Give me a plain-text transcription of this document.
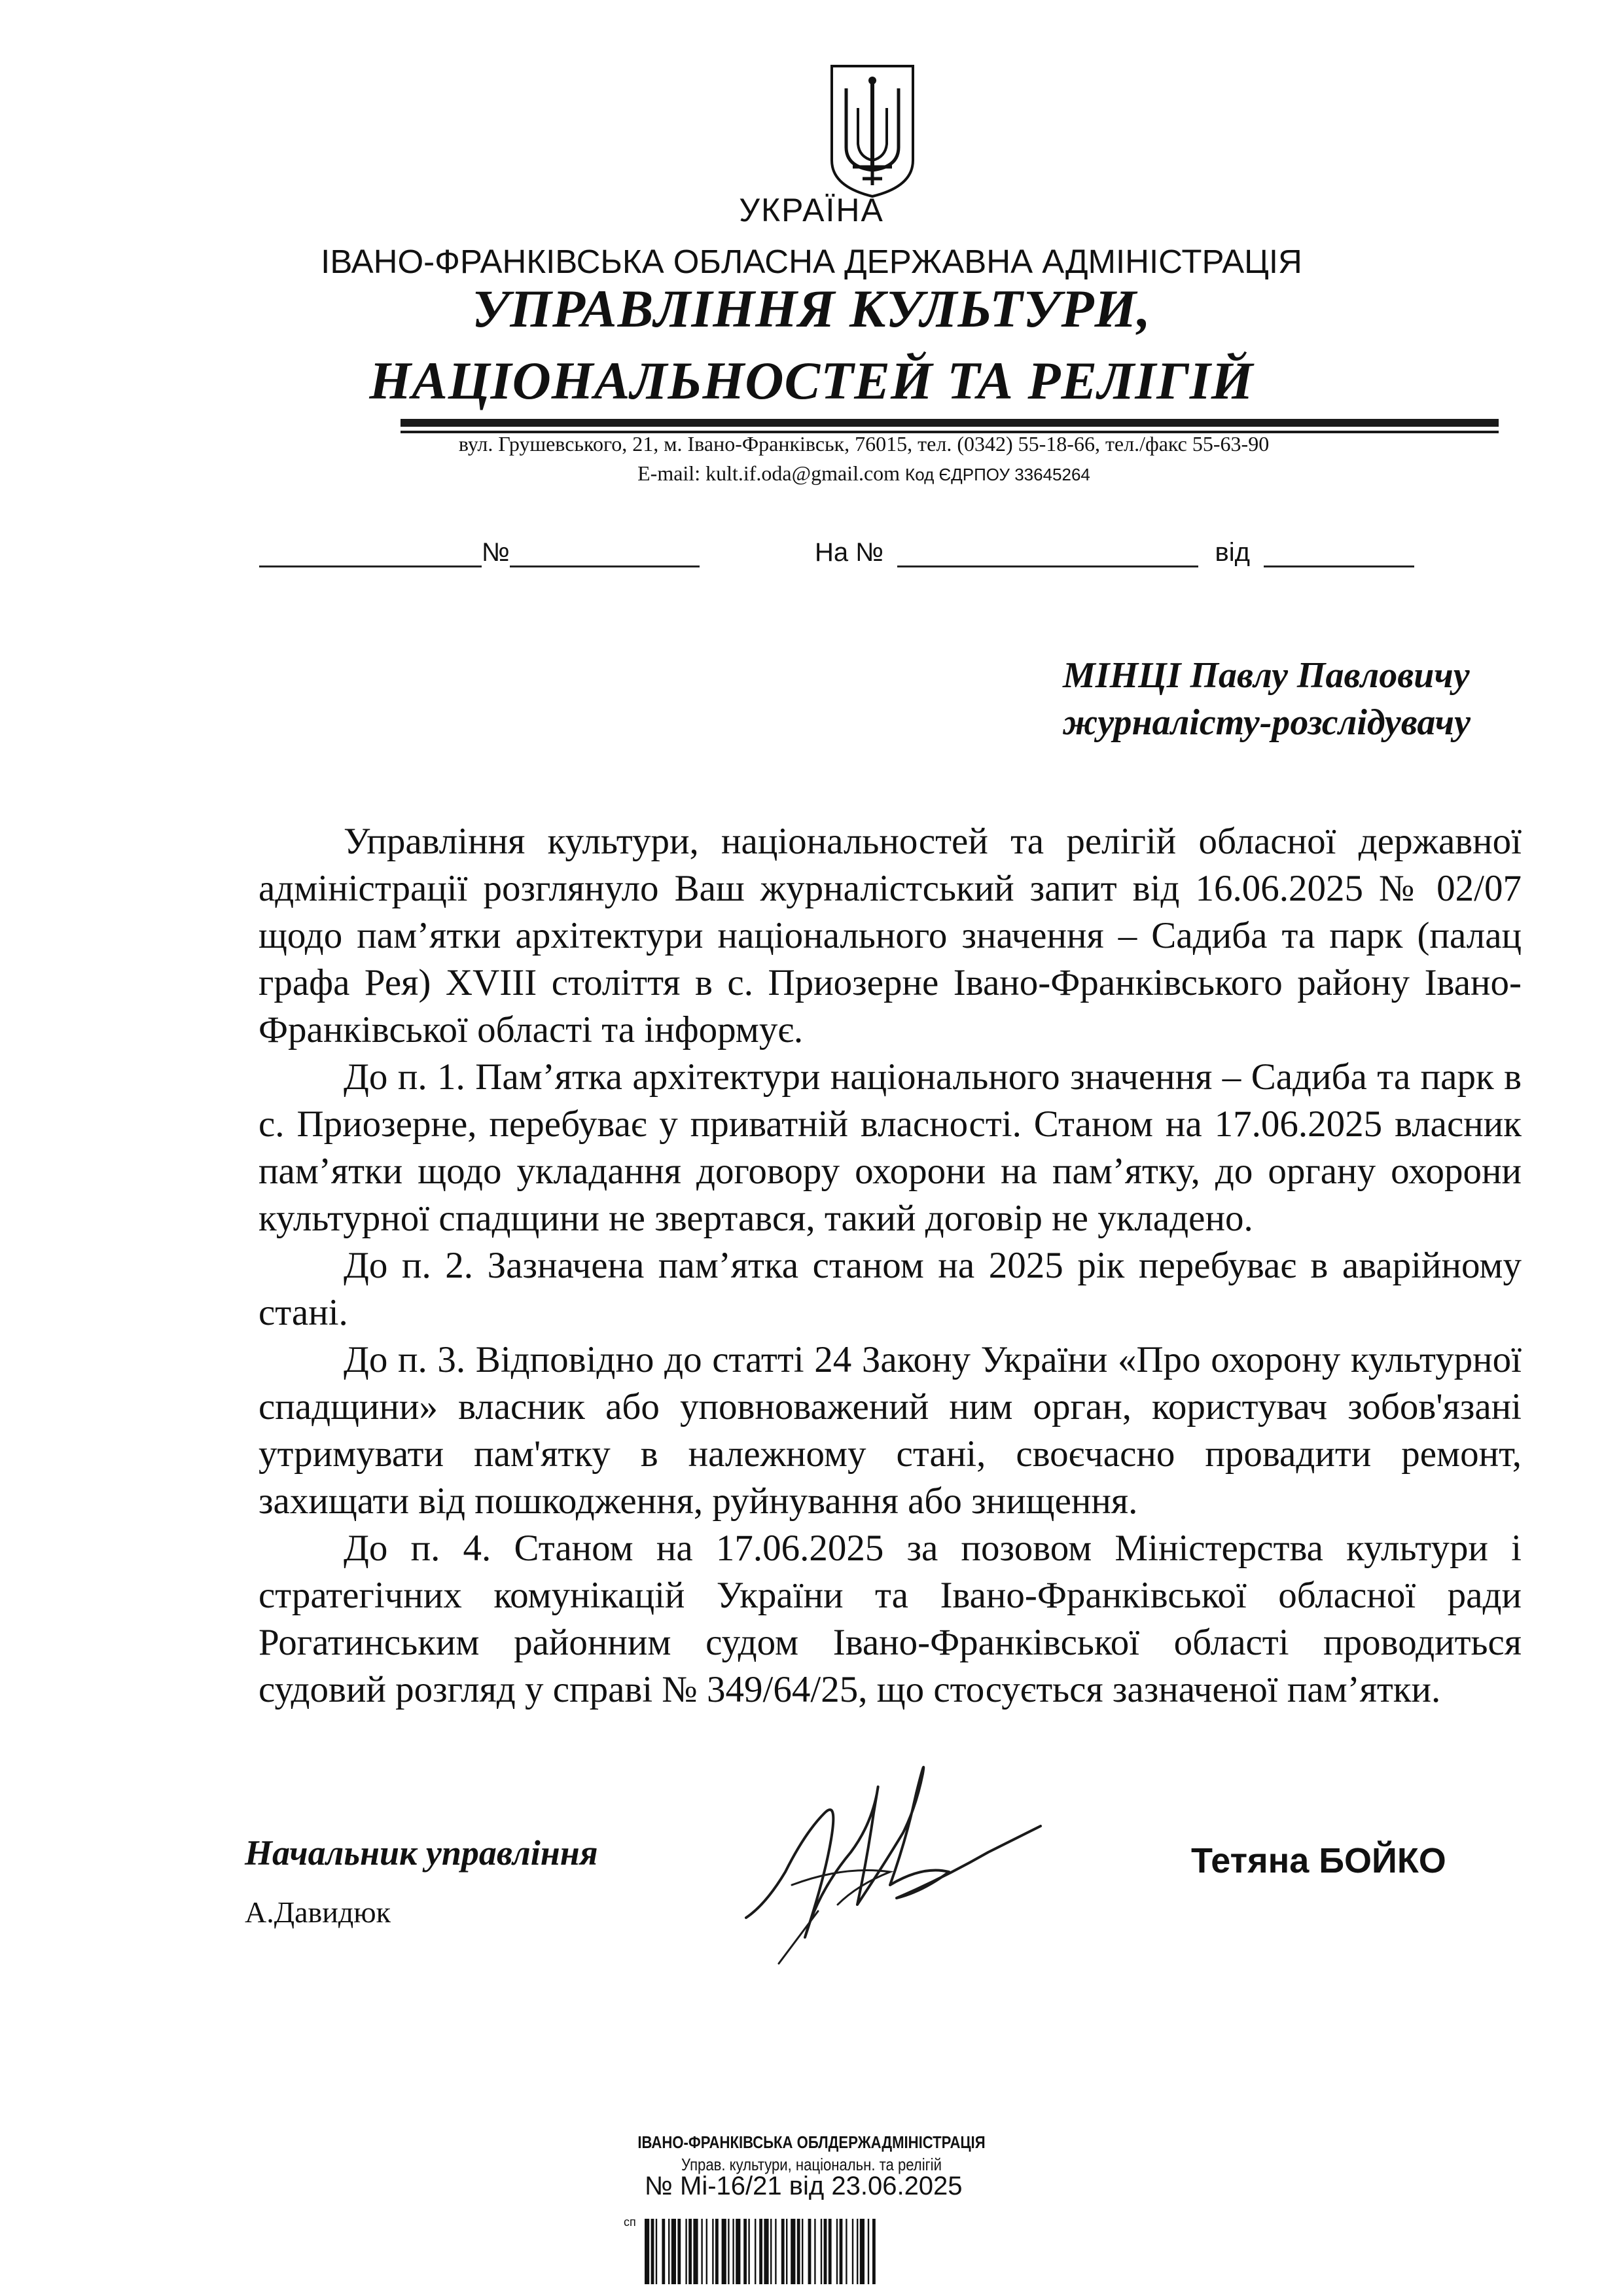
УКРАЇНА
ІВАНО-ФРАНКІВСЬКА ОБЛАСНА ДЕРЖАВНА АДМІНІСТРАЦІЯ
УПРАВЛІННЯ КУЛЬТУРИ,
НАЦІОНАЛЬНОСТЕЙ ТА РЕЛІГІЙ
вул. Грушевського, 21, м. Івано-Франківськ, 76015, тел. (0342) 55-18-66, тел./факс 55-63-90
E-mail: kult.if.oda@gmail.com Код ЄДРПОУ 33645264
№	На №	від
МІНЦІ Павлу Павловичу
журналісту-розслідувачу

Управління культури, національностей та релігій обласної державної адміністрації розглянуло Ваш журналістський запит від 16.06.2025 № 02/07 щодо пам’ятки архітектури національного значення – Садиба та парк (палац графа Рея) XVIII століття в с. Приозерне Івано-Франківського району Івано-Франківської області та інформує.

До п. 1. Пам’ятка архітектури національного значення – Садиба та парк в с. Приозерне, перебуває у приватній власності. Станом на 17.06.2025 власник пам’ятки щодо укладання договору охорони на пам’ятку, до органу охорони культурної спадщини не звертався, такий договір не укладено.

До п. 2. Зазначена пам’ятка станом на 2025 рік перебуває в аварійному стані.

До п. 3. Відповідно до статті 24 Закону України «Про охорону культурної спадщини» власник або уповноважений ним орган, користувач зобов'язані утримувати пам'ятку в належному стані, своєчасно провадити ремонт, захищати від пошкодження, руйнування або знищення.

До п. 4. Станом на 17.06.2025 за позовом Міністерства культури і стратегічних комунікацій України та Івано-Франківської обласної ради Рогатинським районним судом Івано-Франківської області проводиться судовий розгляд у справі № 349/64/25, що стосується зазначеної пам’ятки.

Начальник управління
А.Давидюк
Тетяна БОЙКО
ІВАНО-ФРАНКІВСЬКА ОБЛДЕРЖАДМІНІСТРАЦІЯ
Управ. культури, національн. та релігій
№ Мі-16/21 від 23.06.2025
сп
